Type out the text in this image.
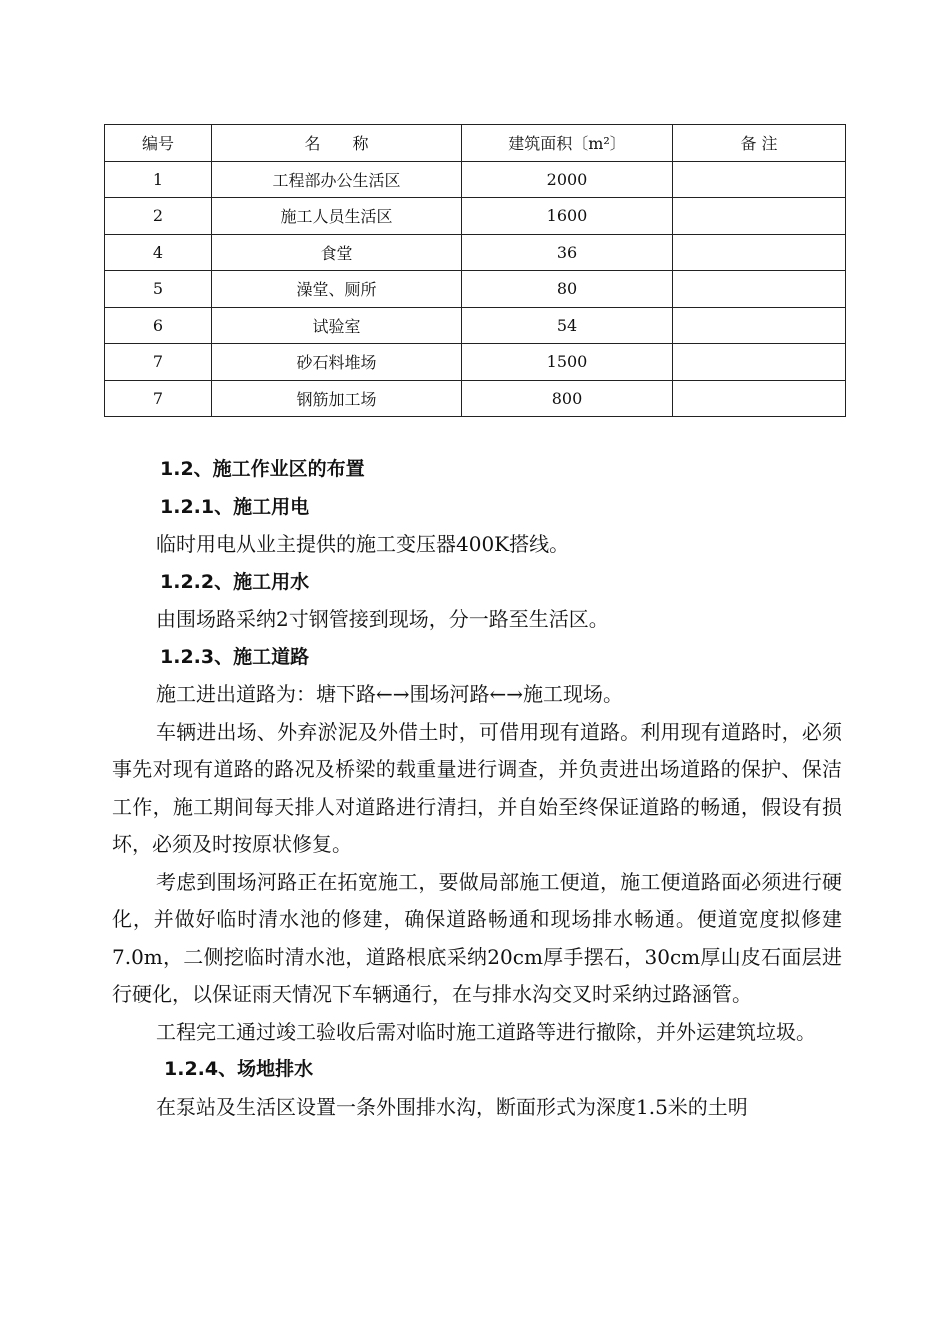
编号	名　　称	建筑面积〔m²〕	备 注
1	工程部办公生活区	2000	
2	施工人员生活区	1600	
4	食堂	36	
5	澡堂、厕所	80	
6	试验室	54	
7	砂石料堆场	1500	
7	钢筋加工场	800	
1.2、施工作业区的布置
1.2.1、施工用电
临时用电从业主提供的施工变压器400K搭线。
1.2.2、施工用水
由围场路采纳2寸钢管接到现场，分一路至生活区。
1.2.3、施工道路
施工进出道路为：塘下路←→围场河路←→施工现场。
车辆进出场、外弃淤泥及外借土时，可借用现有道路。利用现有道路时，必须事先对现有道路的路况及桥梁的载重量进行调查，并负责进出场道路的保护、保洁工作，施工期间每天排人对道路进行清扫，并自始至终保证道路的畅通，假设有损坏，必须及时按原状修复。
考虑到围场河路正在拓宽施工，要做局部施工便道，施工便道路面必须进行硬化，并做好临时清水池的修建，确保道路畅通和现场排水畅通。便道宽度拟修建7.0m，二侧挖临时清水池，道路根底采纳20cm厚手摆石，30cm厚山皮石面层进行硬化，以保证雨天情况下车辆通行，在与排水沟交叉时采纳过路涵管。
工程完工通过竣工验收后需对临时施工道路等进行撤除，并外运建筑垃圾。
1.2.4、场地排水
在泵站及生活区设置一条外围排水沟，断面形式为深度1.5米的土明
